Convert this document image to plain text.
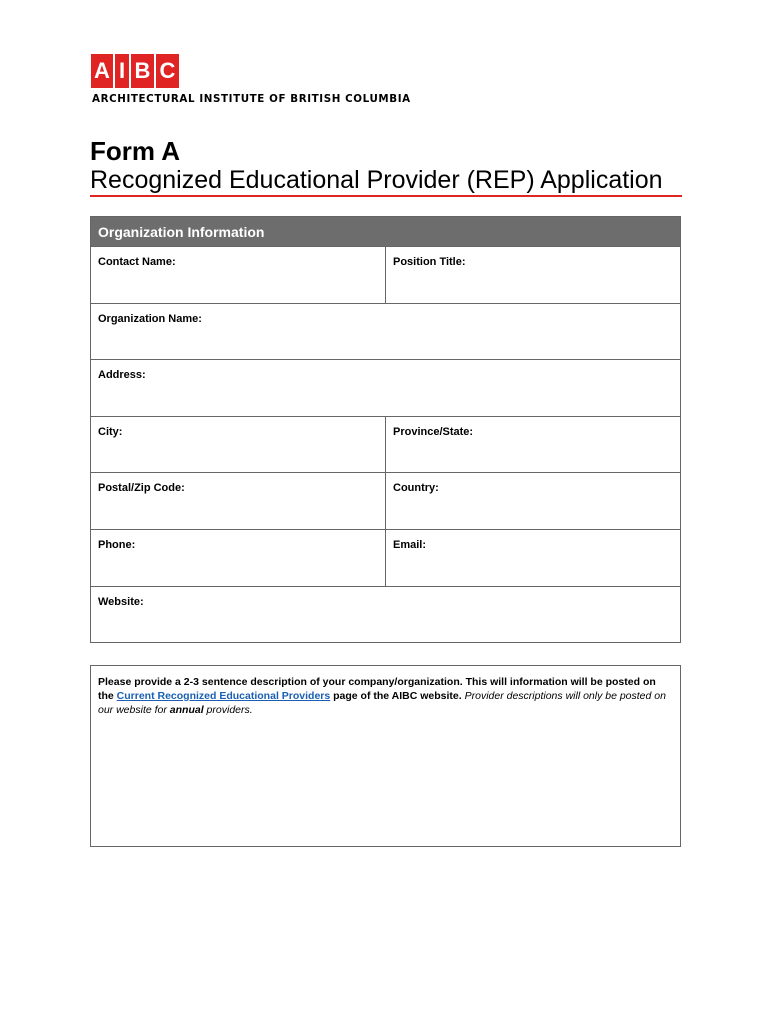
A I B C
ARCHITECTURAL INSTITUTE OF BRITISH COLUMBIA
Form A
Recognized Educational Provider (REP) Application
Organization Information
Contact Name:	Position Title:
Organization Name:
Address:
City:	Province/State:
Postal/Zip Code:	Country:
Phone:	Email:
Website:
Please provide a 2-3 sentence description of your company/organization. This will information will be posted on the Current Recognized Educational Providers page of the AIBC website. Provider descriptions will only be posted on our website for annual providers.
